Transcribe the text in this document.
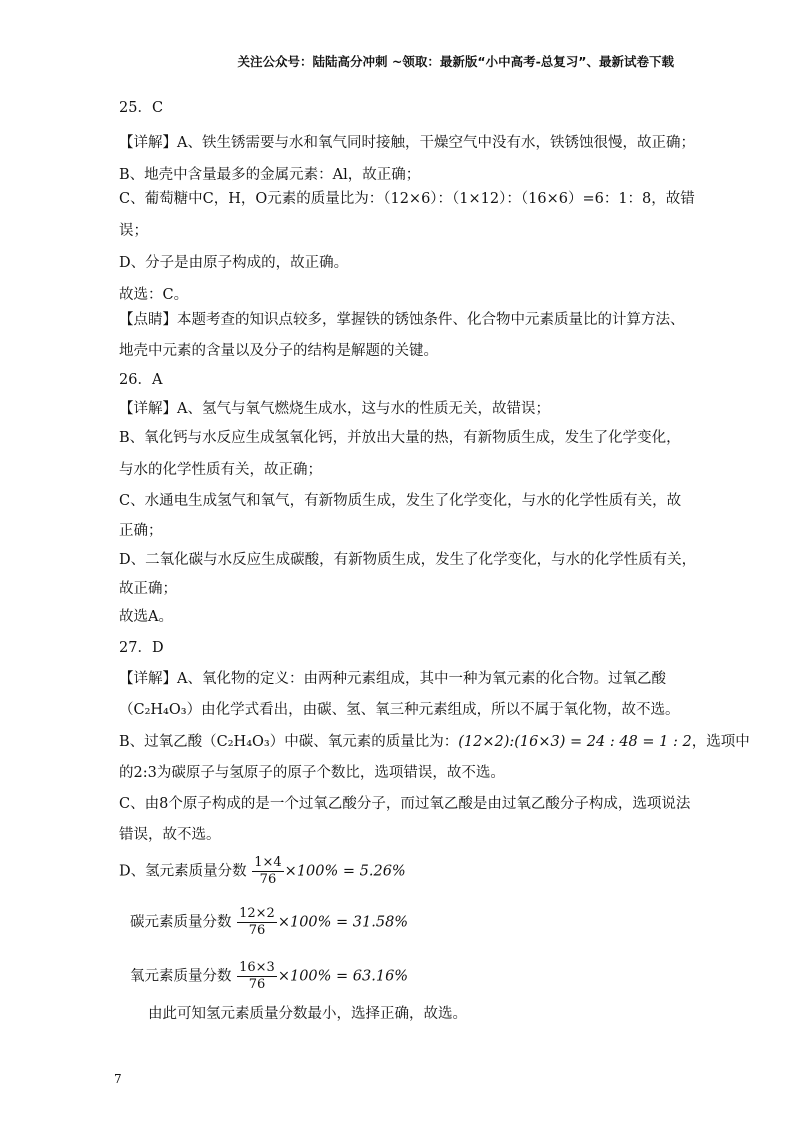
关注公众号：陆陆高分冲刺 ~领取：最新版“小中高考-总复习”、最新试卷下载
25．C
【详解】A、铁生锈需要与水和氧气同时接触，干燥空气中没有水，铁锈蚀很慢，故正确；
B、地壳中含量最多的金属元素：Al，故正确；
C、葡萄糖中C，H，O元素的质量比为：（12×6）：（1×12）：（16×6）=6：1：8，故错
误；
D、分子是由原子构成的，故正确。
故选：C。
【点睛】本题考查的知识点较多，掌握铁的锈蚀条件、化合物中元素质量比的计算方法、
地壳中元素的含量以及分子的结构是解题的关键。
26．A
【详解】A、氢气与氧气燃烧生成水，这与水的性质无关，故错误；
B、氧化钙与水反应生成氢氧化钙，并放出大量的热，有新物质生成，发生了化学变化，
与水的化学性质有关，故正确；
C、水通电生成氢气和氧气，有新物质生成，发生了化学变化，与水的化学性质有关，故
正确；
D、二氧化碳与水反应生成碳酸，有新物质生成，发生了化学变化，与水的化学性质有关，
故正确；
故选A。
27．D
【详解】A、氧化物的定义：由两种元素组成，其中一种为氧元素的化合物。过氧乙酸
（C₂H₄O₃）由化学式看出，由碳、氢、氧三种元素组成，所以不属于氧化物，故不选。
B、过氧乙酸（C₂H₄O₃）中碳、氧元素的质量比为：(12×2):(16×3) = 24 : 48 = 1 : 2，选项中
的2:3为碳原子与氢原子的原子个数比，选项错误，故不选。
C、由8个原子构成的是一个过氧乙酸分子，而过氧乙酸是由过氧乙酸分子构成，选项说法
错误，故不选。
D、氢元素质量分数 $\frac{1\times 4}{76} \times 100\% = 5.26\%$
碳元素质量分数 $\frac{12\times 2}{76} \times 100\% = 31.58\%$
氧元素质量分数 $\frac{16\times 3}{76} \times 100\% = 63.16\%$
由此可知氢元素质量分数最小，选择正确，故选。
7
